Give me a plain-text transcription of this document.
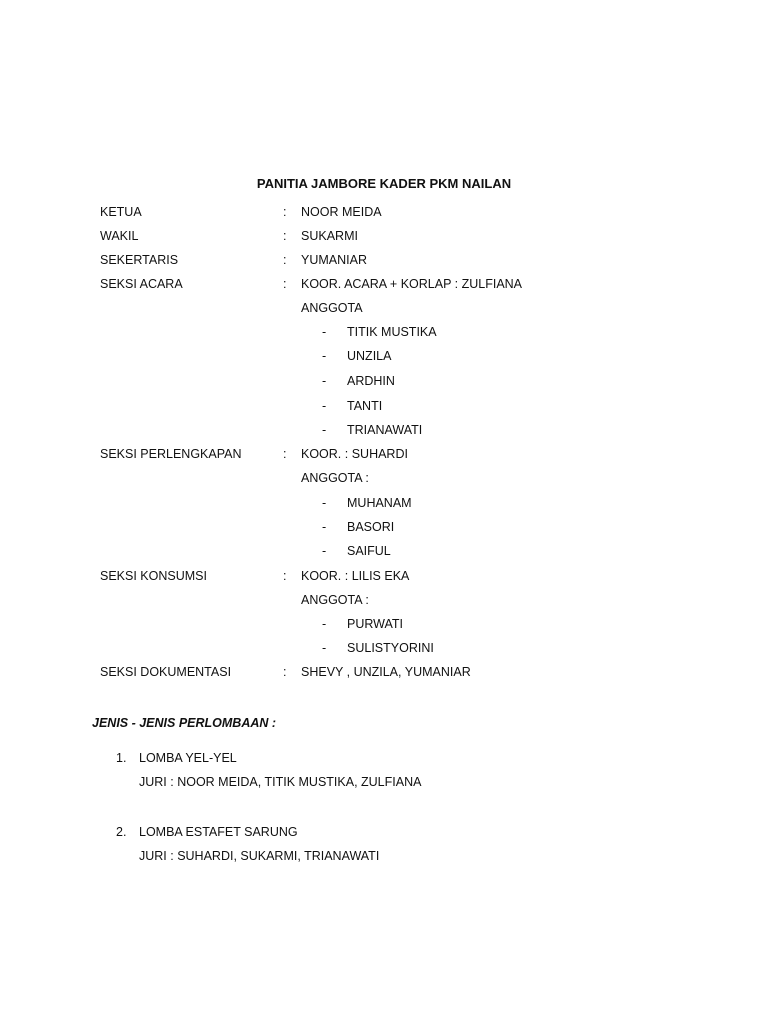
PANITIA JAMBORE KADER PKM NAILAN
KETUA	: NOOR MEIDA
WAKIL	: SUKARMI
SEKERTARIS	: YUMANIAR
SEKSI ACARA	: KOOR. ACARA + KORLAP : ZULFIANA
ANGGOTA
- TITIK MUSTIKA
- UNZILA
- ARDHIN
- TANTI
- TRIANAWATI
SEKSI PERLENGKAPAN	: KOOR. : SUHARDI
ANGGOTA :
- MUHANAM
- BASORI
- SAIFUL
SEKSI KONSUMSI	: KOOR. : LILIS EKA
ANGGOTA :
- PURWATI
- SULISTYORINI
SEKSI DOKUMENTASI	: SHEVY , UNZILA, YUMANIAR
JENIS - JENIS PERLOMBAAN :
1. LOMBA YEL-YEL
JURI : NOOR MEIDA, TITIK MUSTIKA, ZULFIANA
2. LOMBA ESTAFET SARUNG
JURI : SUHARDI, SUKARMI, TRIANAWATI
